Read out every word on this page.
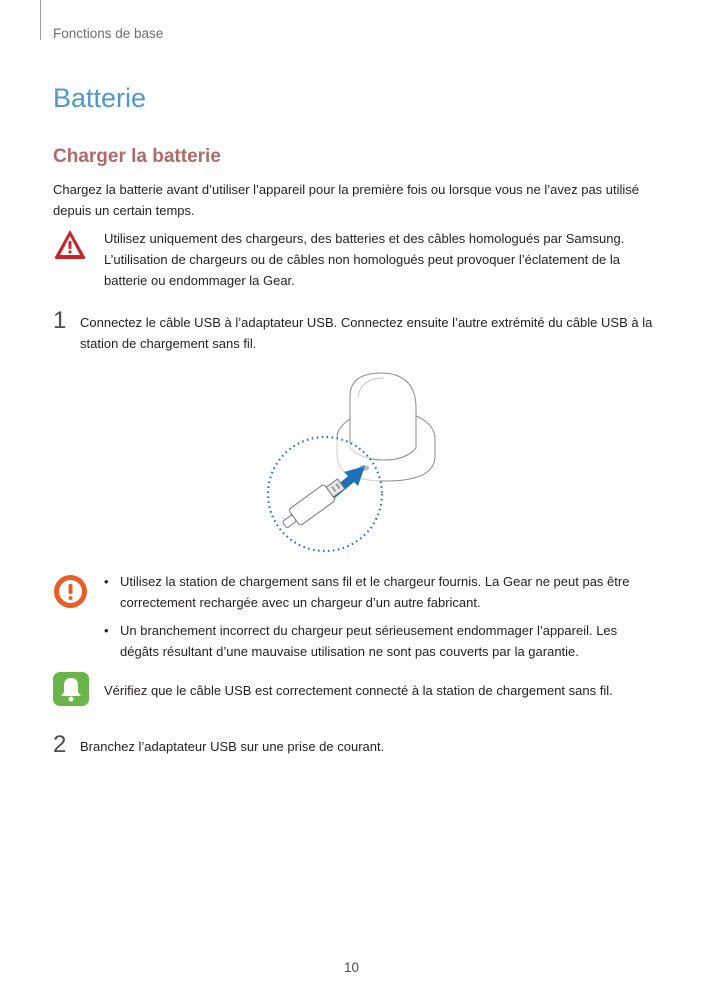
Fonctions de base
Batterie
Charger la batterie
Chargez la batterie avant d’utiliser l’appareil pour la première fois ou lorsque vous ne l’avez pas utilisé depuis un certain temps.
Utilisez uniquement des chargeurs, des batteries et des câbles homologués par Samsung. L’utilisation de chargeurs ou de câbles non homologués peut provoquer l’éclatement de la batterie ou endommager la Gear.
1 Connectez le câble USB à l’adaptateur USB. Connectez ensuite l’autre extrémité du câble USB à la station de chargement sans fil.
• Utilisez la station de chargement sans fil et le chargeur fournis. La Gear ne peut pas être correctement rechargée avec un chargeur d’un autre fabricant.
• Un branchement incorrect du chargeur peut sérieusement endommager l’appareil. Les dégâts résultant d’une mauvaise utilisation ne sont pas couverts par la garantie.
Vérifiez que le câble USB est correctement connecté à la station de chargement sans fil.
2 Branchez l’adaptateur USB sur une prise de courant.
10
